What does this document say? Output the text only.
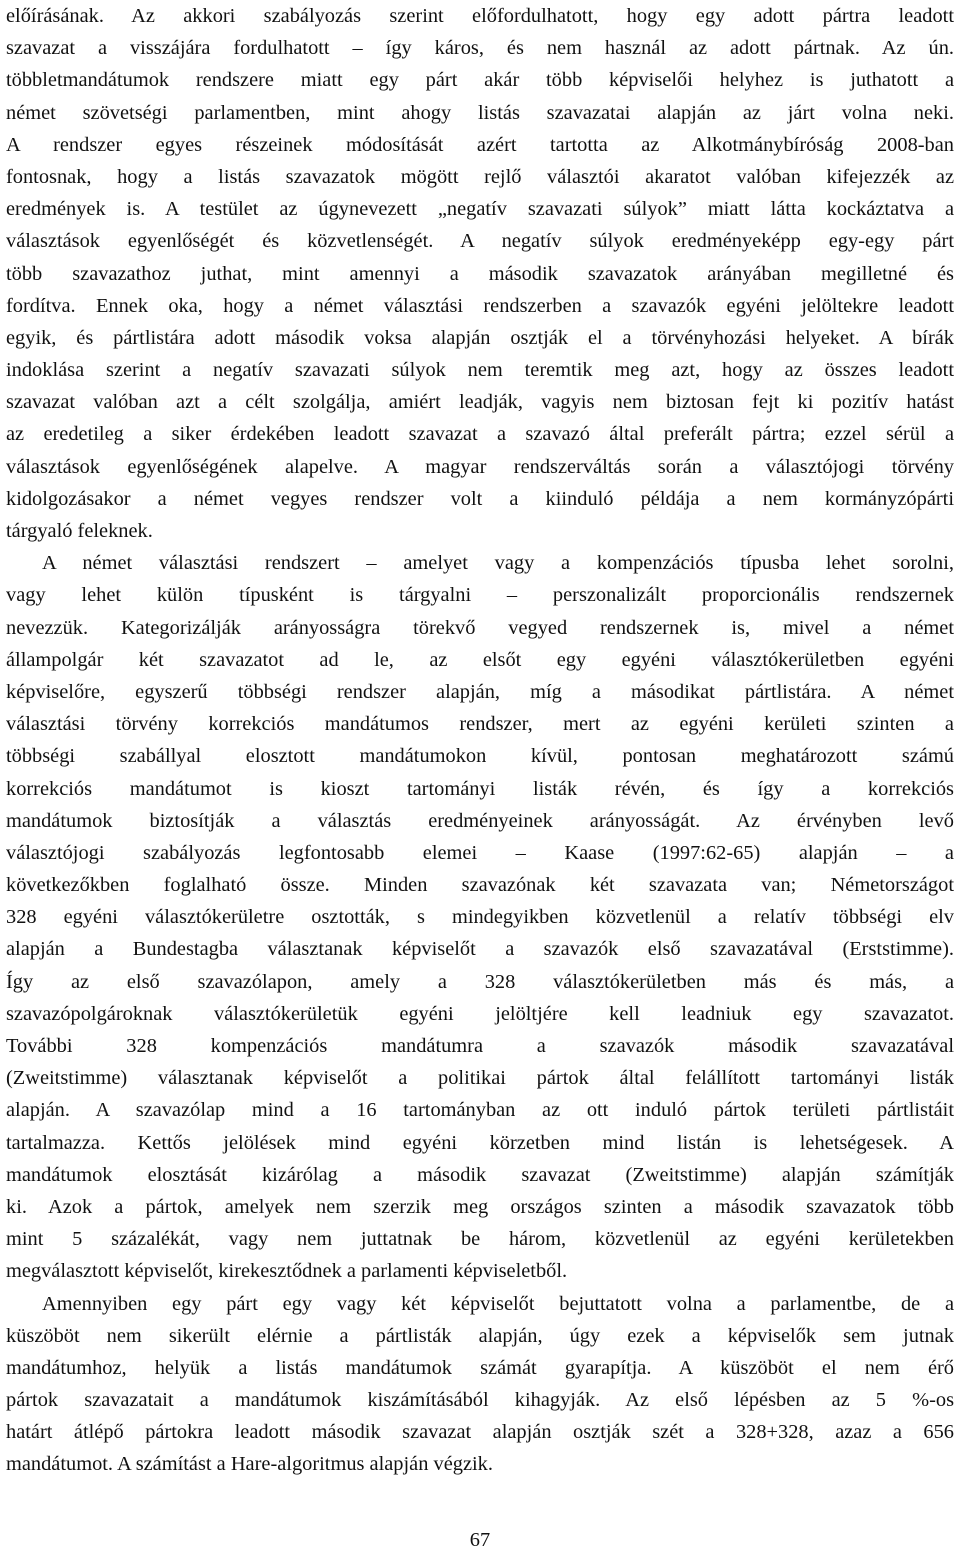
előírásának. Az akkori szabályozás szerint előfordulhatott, hogy egy adott pártra leadott
szavazat a visszájára fordulhatott – így káros, és nem használ az adott pártnak. Az ún.
többletmandátumok rendszere miatt egy párt akár több képviselői helyhez is juthatott a
német szövetségi parlamentben, mint ahogy listás szavazatai alapján az járt volna neki.
A rendszer egyes részeinek módosítását azért tartotta az Alkotmánybíróság 2008-ban
fontosnak, hogy a listás szavazatok mögött rejlő választói akaratot valóban kifejezzék az
eredmények is. A testület az úgynevezett „negatív szavazati súlyok” miatt látta kockáztatva a
választások egyenlőségét és közvetlenségét. A negatív súlyok eredményeképp egy-egy párt
több szavazathoz juthat, mint amennyi a második szavazatok arányában megilletné és
fordítva. Ennek oka, hogy a német választási rendszerben a szavazók egyéni jelöltekre leadott
egyik, és pártlistára adott második voksa alapján osztják el a törvényhozási helyeket. A bírák
indoklása szerint a negatív szavazati súlyok nem teremtik meg azt, hogy az összes leadott
szavazat valóban azt a célt szolgálja, amiért leadják, vagyis nem biztosan fejt ki pozitív hatást
az eredetileg a siker érdekében leadott szavazat a szavazó által preferált pártra; ezzel sérül a
választások egyenlőségének alapelve. A magyar rendszerváltás során a választójogi törvény
kidolgozásakor a német vegyes rendszer volt a kiinduló példája a nem kormányzópárti
tárgyaló feleknek.
A német választási rendszert – amelyet vagy a kompenzációs típusba lehet sorolni,
vagy lehet külön típusként is tárgyalni – perszonalizált proporcionális rendszernek
nevezzük. Kategorizálják arányosságra törekvő vegyed rendszernek is, mivel a német
állampolgár két szavazatot ad le, az elsőt egy egyéni választókerületben egyéni
képviselőre, egyszerű többségi rendszer alapján, míg a másodikat pártlistára. A német
választási törvény korrekciós mandátumos rendszer, mert az egyéni kerületi szinten a
többségi szabállyal elosztott mandátumokon kívül, pontosan meghatározott számú
korrekciós mandátumot is kioszt tartományi listák révén, és így a korrekciós
mandátumok biztosítják a választás eredményeinek arányosságát. Az érvényben levő
választójogi szabályozás legfontosabb elemei – Kaase (1997:62-65) alapján – a
következőkben foglalható össze. Minden szavazónak két szavazata van; Németországot
328 egyéni választókerületre osztották, s mindegyikben közvetlenül a relatív többségi elv
alapján a Bundestagba választanak képviselőt a szavazók első szavazatával (Erststimme).
Így az első szavazólapon, amely a 328 választókerületben más és más, a
szavazópolgároknak választókerületük egyéni jelöltjére kell leadniuk egy szavazatot.
További 328 kompenzációs mandátumra a szavazók második szavazatával
(Zweitstimme) választanak képviselőt a politikai pártok által felállított tartományi listák
alapján. A szavazólap mind a 16 tartományban az ott induló pártok területi pártlistáit
tartalmazza. Kettős jelölések mind egyéni körzetben mind listán is lehetségesek. A
mandátumok elosztását kizárólag a második szavazat (Zweitstimme) alapján számítják
ki. Azok a pártok, amelyek nem szerzik meg országos szinten a második szavazatok több
mint 5 százalékát, vagy nem juttatnak be három, közvetlenül az egyéni kerületekben
megválasztott képviselőt, kirekesztődnek a parlamenti képviseletből.
Amennyiben egy párt egy vagy két képviselőt bejuttatott volna a parlamentbe, de a
küszöböt nem sikerült elérnie a pártlisták alapján, úgy ezek a képviselők sem jutnak
mandátumhoz, helyük a listás mandátumok számát gyarapítja. A küszöböt el nem érő
pártok szavazatait a mandátumok kiszámításából kihagyják. Az első lépésben az 5 %-os
határt átlépő pártokra leadott második szavazat alapján osztják szét a 328+328, azaz a 656
mandátumot. A számítást a Hare-algoritmus alapján végzik.
67
